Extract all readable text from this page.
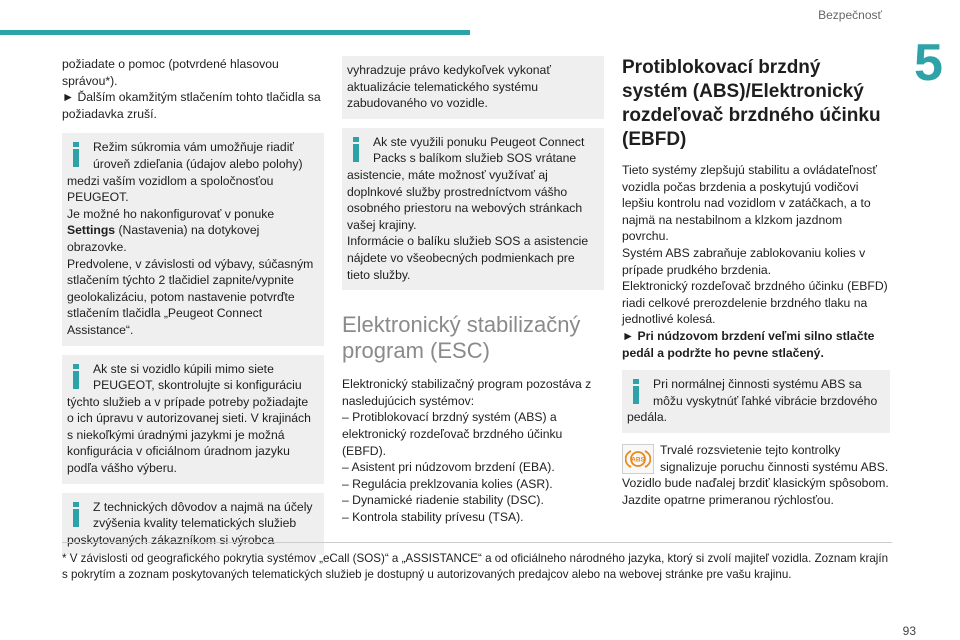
Bezpečnosť
5

požiadate o pomoc (potvrdené hlasovou správou*).

► Ďalším okamžitým stlačením tohto tlačidla sa požiadavka zruší.

Režim súkromia vám umožňuje riadiť úroveň zdieľania (údajov alebo polohy) medzi vaším vozidlom a spoločnosťou PEUGEOT.

Je možné ho nakonfigurovať v ponuke Settings (Nastavenia) na dotykovej obrazovke.

Predvolene, v závislosti od výbavy, súčasným stlačením týchto 2 tlačidiel zapnite/vypnite geolokalizáciu, potom nastavenie potvrďte stlačením tlačidla „Peugeot Connect Assistance“.

Ak ste si vozidlo kúpili mimo siete PEUGEOT, skontrolujte si konfiguráciu týchto služieb a v prípade potreby požiadajte o ich úpravu v autorizovanej sieti. V krajinách s niekoľkými úradnými jazykmi je možná konfigurácia v oficiálnom úradnom jazyku podľa vášho výberu.

Z technických dôvodov a najmä na účely zvýšenia kvality telematických služieb poskytovaných zákazníkom si výrobca

vyhradzuje právo kedykoľvek vykonať aktualizácie telematického systému zabudovaného vo vozidle.

Ak ste využili ponuku Peugeot Connect Packs s balíkom služieb SOS vrátane asistencie, máte možnosť využívať aj doplnkové služby prostredníctvom vášho osobného priestoru na webových stránkach vašej krajiny.

Informácie o balíku služieb SOS a asistencie nájdete vo všeobecných podmienkach pre tieto služby.

Elektronický stabilizačný program (ESC)

Elektronický stabilizačný program pozostáva z nasledujúcich systémov:

– Protiblokovací brzdný systém (ABS) a elektronický rozdeľovač brzdného účinku (EBFD).

– Asistent pri núdzovom brzdení (EBA).

– Regulácia preklzovania kolies (ASR).

– Dynamické riadenie stability (DSC).

– Kontrola stability prívesu (TSA).

Protiblokovací brzdný systém (ABS)/Elektronický rozdeľovač brzdného účinku (EBFD)

Tieto systémy zlepšujú stabilitu a ovládateľnosť vozidla počas brzdenia a poskytujú vodičovi lepšiu kontrolu nad vozidlom v zatáčkach, a to najmä na nestabilnom a klzkom jazdnom povrchu.

Systém ABS zabraňuje zablokovaniu kolies v prípade prudkého brzdenia.

Elektronický rozdeľovač brzdného účinku (EBFD) riadi celkové prerozdelenie brzdného tlaku na jednotlivé kolesá.

► Pri núdzovom brzdení veľmi silno stlačte pedál a podržte ho pevne stlačený.

Pri normálnej činnosti systému ABS sa môžu vyskytnúť ľahké vibrácie brzdového pedála.

ABS

Trvalé rozsvietenie tejto kontrolky signalizuje poruchu činnosti systému ABS.

Vozidlo bude naďalej brzdiť klasickým spôsobom. Jazdite opatrne primeranou rýchlosťou.

* V závislosti od geografického pokrytia systémov „eCall (SOS)“ a „ASSISTANCE“ a od oficiálneho národného jazyka, ktorý si zvolí majiteľ vozidla. Zoznam krajín s pokrytím a zoznam poskytovaných telematických služieb je dostupný u autorizovaných predajcov alebo na webovej stránke pre vašu krajinu.
93
